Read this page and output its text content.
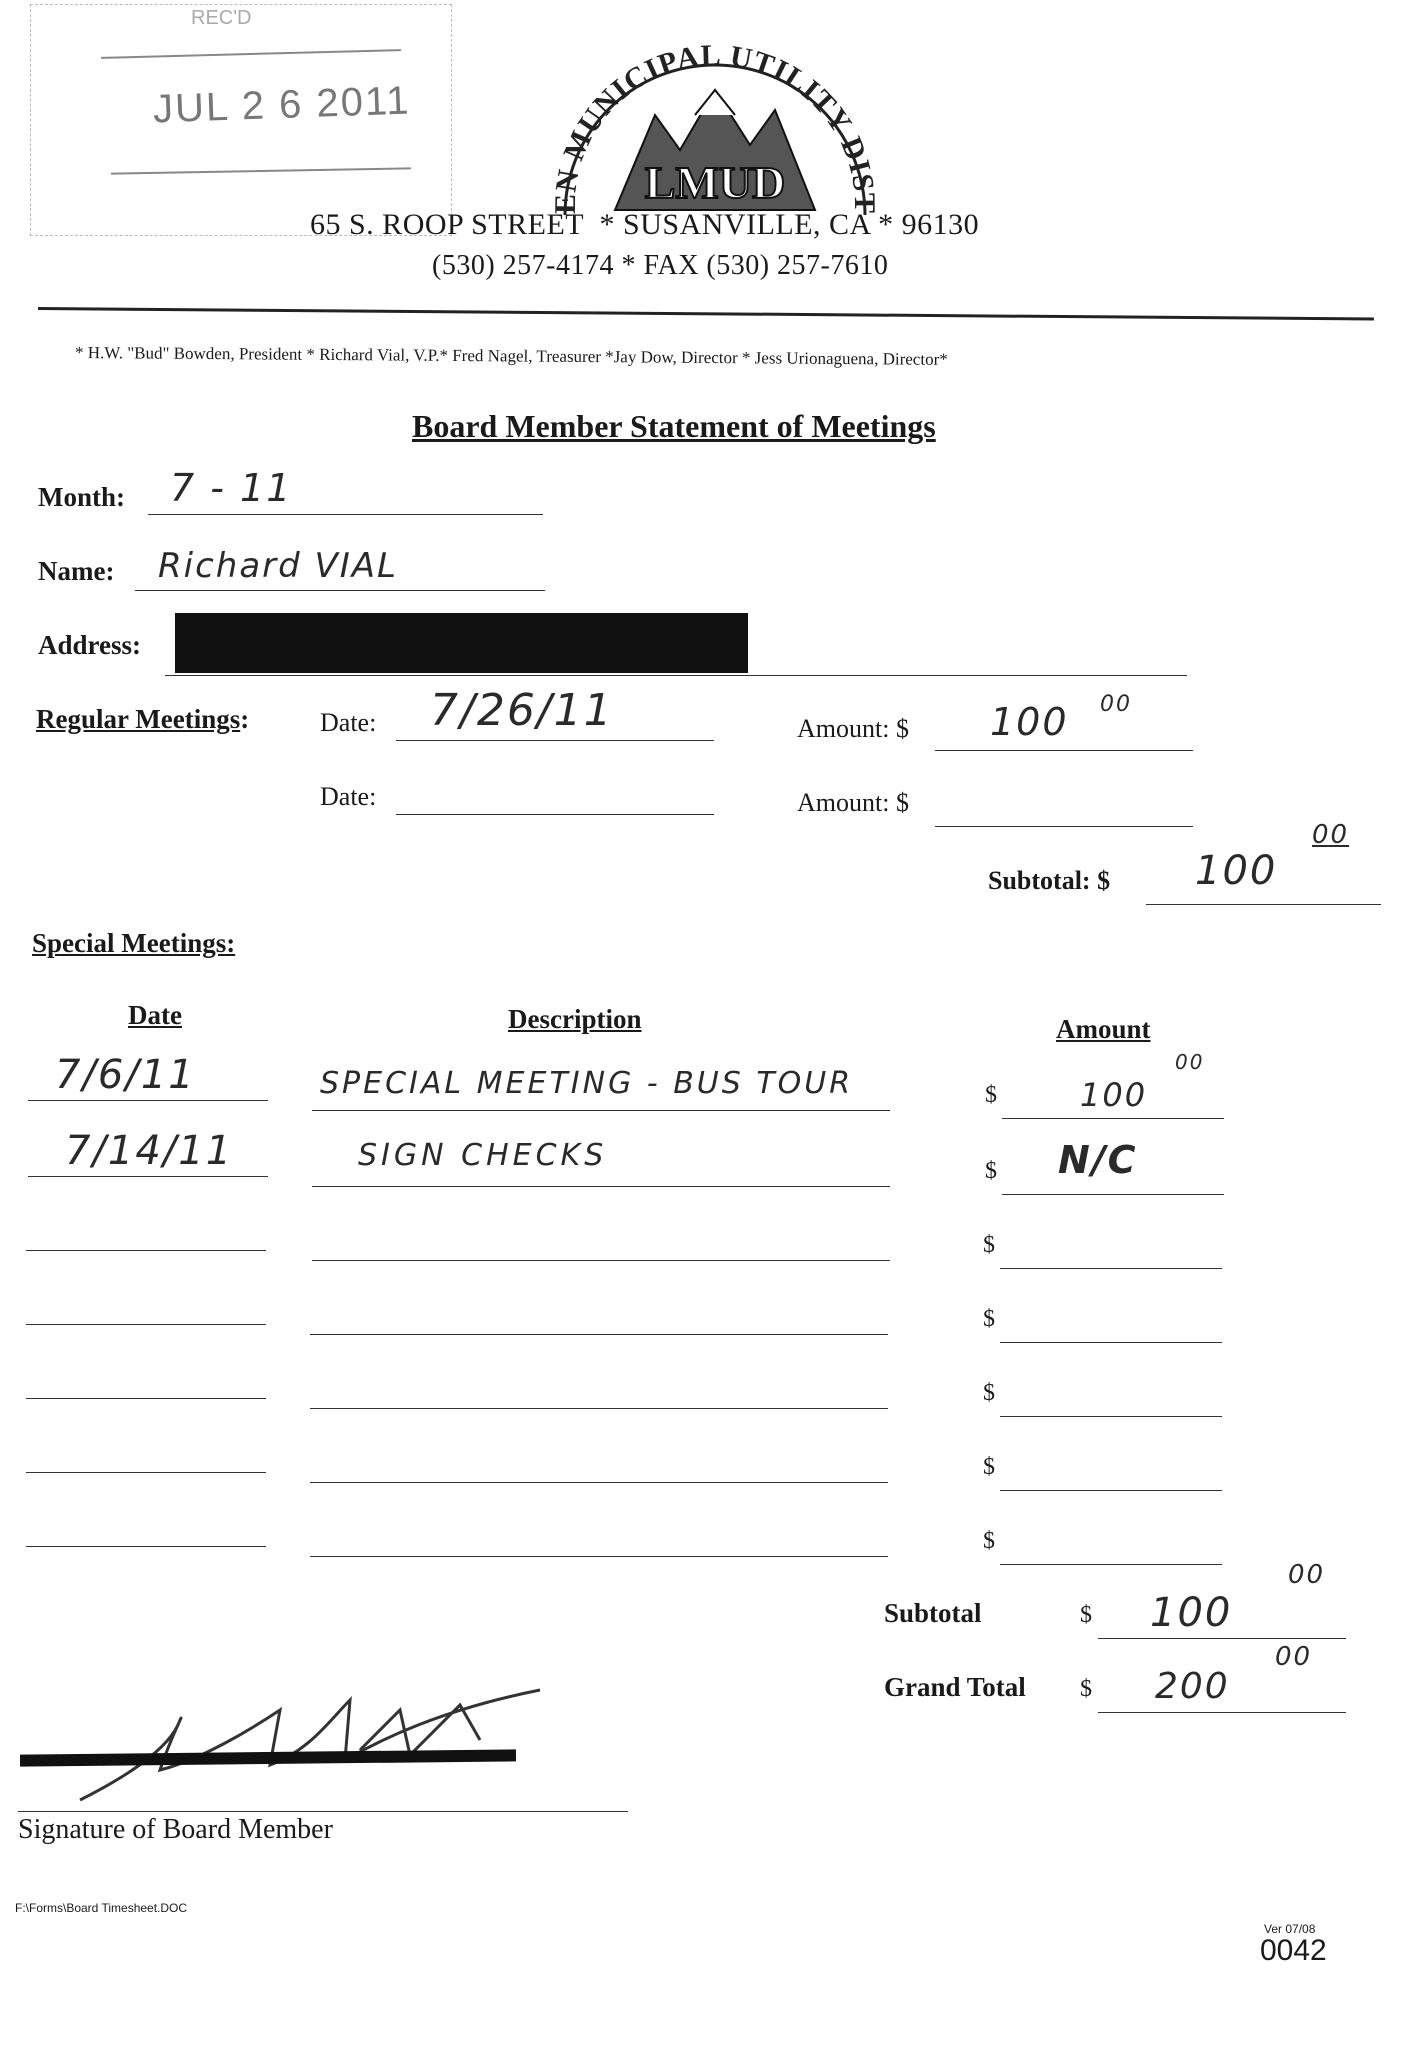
REC'D
JUL 2 6 2011
EN MUNICIPAL UTILITY DIST
LMUD
65 S. ROOP STREET  * SUSANVILLE, CA * 96130
(530) 257-4174 * FAX (530) 257-7610
* H.W. "Bud" Bowden, President * Richard Vial, V.P.* Fred Nagel, Treasurer *Jay Dow, Director * Jess Urionaguena, Director*
Board Member Statement of Meetings
Month: 7 - 11
Name: Richard VIAL
Address:
Regular Meetings:	Date: 7/26/11	Amount: $ 100 00
Date:	Amount: $
Subtotal: $ 100
00
Special Meetings:
Date	Description	Amount
7/6/11	SPECIAL MEETING - BUS TOUR	$	100
00
7/14/11	SIGN CHECKS	$ N/C
$
$
$
$
$
Subtotal	$ 100
00
Grand Total $ 200
00
Signature of Board Member
F:\Forms\Board Timesheet.DOC
Ver 07/08
0042
